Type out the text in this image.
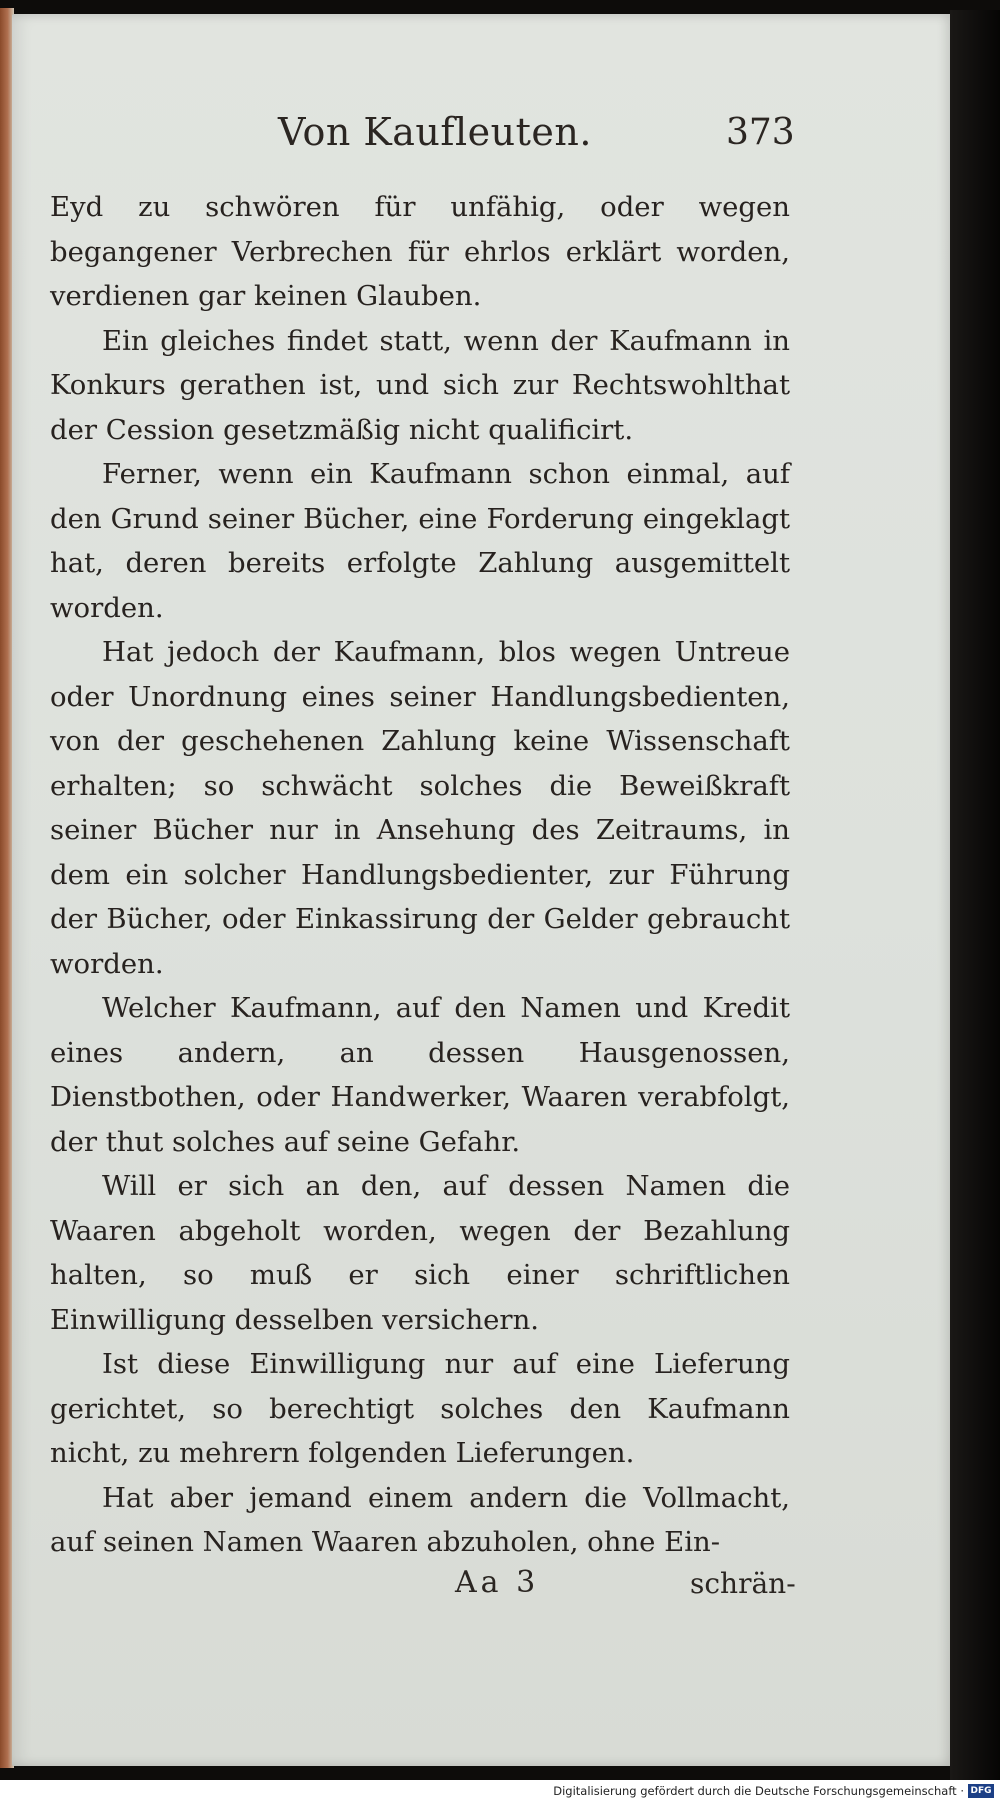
Von Kaufleuten.	373

Eyd zu schwören für unfähig, oder wegen begangener Verbrechen für ehrlos erklärt worden, verdienen gar keinen Glauben.

Ein gleiches findet statt, wenn der Kaufmann in Konkurs gerathen ist, und sich zur Rechtswohlthat der Cession gesetzmäßig nicht qualificirt.

Ferner, wenn ein Kaufmann schon einmal, auf den Grund seiner Bücher, eine Forderung eingeklagt hat, deren bereits erfolgte Zahlung ausgemittelt worden.

Hat jedoch der Kaufmann, blos wegen Untreue oder Unordnung eines seiner Handlungsbedienten, von der geschehenen Zahlung keine Wissenschaft erhalten; so schwächt solches die Beweißkraft seiner Bücher nur in Ansehung des Zeitraums, in dem ein solcher Handlungsbedienter, zur Führung der Bücher, oder Einkassirung der Gelder gebraucht worden.

Welcher Kaufmann, auf den Namen und Kredit eines andern, an dessen Hausgenossen, Dienstbothen, oder Handwerker, Waaren verabfolgt, der thut solches auf seine Gefahr.

Will er sich an den, auf dessen Namen die Waaren abgeholt worden, wegen der Bezahlung halten, so muß er sich einer schriftlichen Einwilligung desselben versichern.

Ist diese Einwilligung nur auf eine Lieferung gerichtet, so berechtigt solches den Kaufmann nicht, zu mehrern folgenden Lieferungen.

Hat aber jemand einem andern die Vollmacht, auf seinen Namen Waaren abzuholen, ohne Ein-

Aa 3	schrän-
Digitalisierung gefördert durch die Deutsche Forschungsgemeinschaft · DFG
